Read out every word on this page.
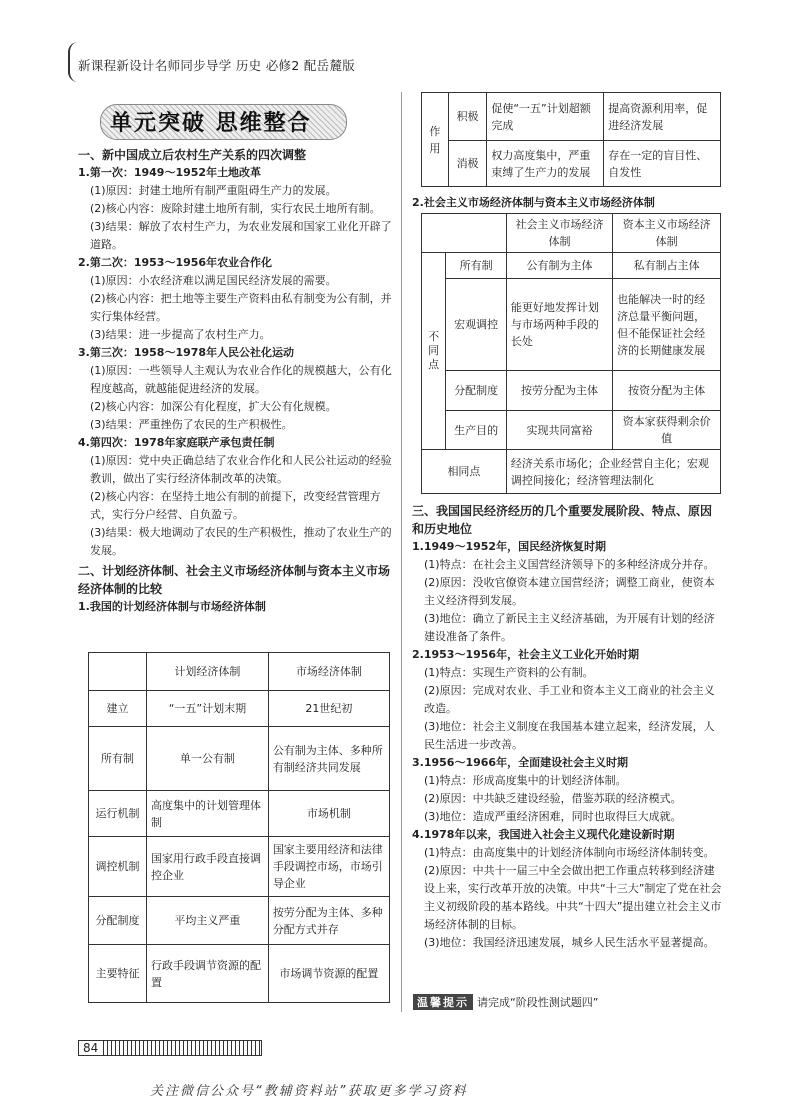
新课程新设计名师同步导学 历史 必修2 配岳麓版
单元突破 思维整合

一、新中国成立后农村生产关系的四次调整

1.第一次：1949～1952年土地改革

(1)原因：封建土地所有制严重阻碍生产力的发展。

(2)核心内容：废除封建土地所有制，实行农民土地所有制。

(3)结果：解放了农村生产力，为农业发展和国家工业化开辟了道路。

2.第二次：1953～1956年农业合作化

(1)原因：小农经济难以满足国民经济发展的需要。

(2)核心内容：把土地等主要生产资料由私有制变为公有制，并实行集体经营。

(3)结果：进一步提高了农村生产力。

3.第三次：1958～1978年人民公社化运动

(1)原因：一些领导人主观认为农业合作化的规模越大，公有化程度越高，就越能促进经济的发展。

(2)核心内容：加深公有化程度，扩大公有化规模。

(3)结果：严重挫伤了农民的生产积极性。

4.第四次：1978年家庭联产承包责任制

(1)原因：党中央正确总结了农业合作化和人民公社运动的经验教训，做出了实行经济体制改革的决策。

(2)核心内容：在坚持土地公有制的前提下，改变经营管理方式，实行分户经营、自负盈亏。

(3)结果：极大地调动了农民的生产积极性，推动了农业生产的发展。

二、计划经济体制、社会主义市场经济体制与资本主义市场经济体制的比较

1.我国的计划经济体制与市场经济体制

	计划经济体制	市场经济体制
建立	“一五”计划末期	21世纪初
所有制	单一公有制	公有制为主体、多种所有制经济共同发展
运行机制	高度集中的计划管理体制	市场机制
调控机制	国家用行政手段直接调控企业	国家主要用经济和法律手段调控市场，市场引导企业
分配制度	平均主义严重	按劳分配为主体、多种分配方式并存
主要特征	行政手段调节资源的配置	市场调节资源的配置
作用	积极	促使“一五”计划超额完成	提高资源利用率，促进经济发展
	消极	权力高度集中，严重束缚了生产力的发展	存在一定的盲目性、自发性

2.社会主义市场经济体制与资本主义市场经济体制

		社会主义市场经济体制	资本主义市场经济体制
不同点	所有制	公有制为主体	私有制占主体
	宏观调控	能更好地发挥计划与市场两种手段的长处	也能解决一时的经济总量平衡问题，但不能保证社会经济的长期健康发展
	分配制度	按劳分配为主体	按资分配为主体
	生产目的	实现共同富裕	资本家获得剩余价值
相同点		经济关系市场化；企业经营自主化；宏观调控间接化；经济管理法制化	

三、我国国民经济经历的几个重要发展阶段、特点、原因和历史地位

1.1949～1952年，国民经济恢复时期

(1)特点：在社会主义国营经济领导下的多种经济成分并存。

(2)原因：没收官僚资本建立国营经济；调整工商业，使资本主义经济得到发展。

(3)地位：确立了新民主主义经济基础，为开展有计划的经济建设准备了条件。

2.1953～1956年，社会主义工业化开始时期

(1)特点：实现生产资料的公有制。

(2)原因：完成对农业、手工业和资本主义工商业的社会主义改造。

(3)地位：社会主义制度在我国基本建立起来，经济发展，人民生活进一步改善。

3.1956～1966年，全面建设社会主义时期

(1)特点：形成高度集中的计划经济体制。

(2)原因：中共缺乏建设经验，借鉴苏联的经济模式。

(3)地位：造成严重经济困难，同时也取得巨大成就。

4.1978年以来，我国进入社会主义现代化建设新时期

(1)特点：由高度集中的计划经济体制向市场经济体制转变。

(2)原因：中共十一届三中全会做出把工作重点转移到经济建设上来，实行改革开放的决策。中共“十三大”制定了党在社会主义初级阶段的基本路线。中共“十四大”提出建立社会主义市场经济体制的目标。

(3)地位：我国经济迅速发展，城乡人民生活水平显著提高。

温馨提示 请完成“阶段性测试题四”
84
关注微信公众号“教辅资料站”获取更多学习资料
